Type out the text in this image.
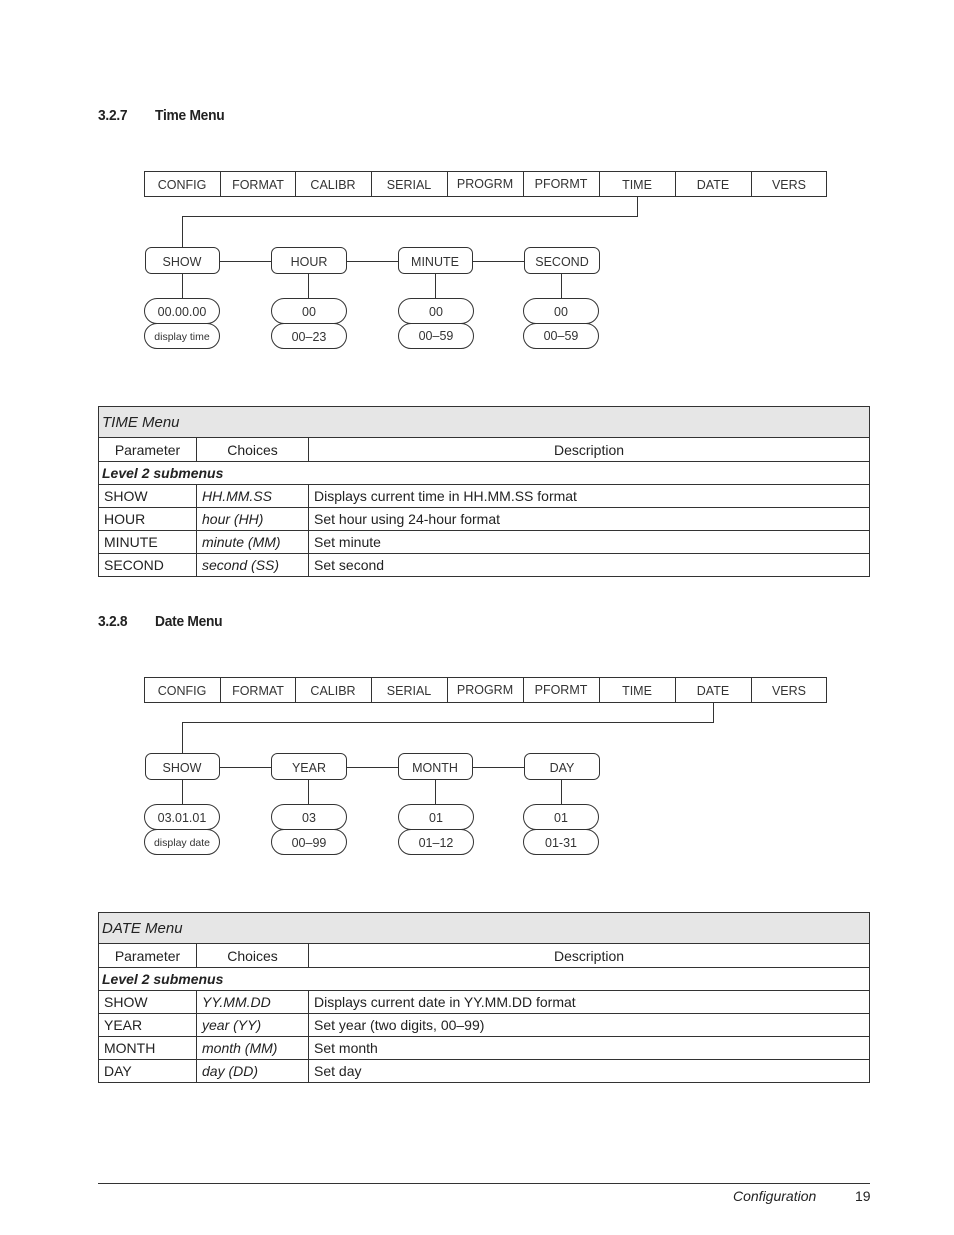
3.2.7 Time Menu
CONFIG FORMAT CALIBR SERIAL PROGRM PFORMT	TIME	DATE	VERS
SHOW	HOUR	MINUTE	SECOND
00.00.00
display time
00
00–23
00
00–59
00
00–59
TIME Menu		
Parameter	Choices	Description
Level 2 submenus		
SHOW	HH.MM.SS	Displays current time in HH.MM.SS format
HOUR	hour (HH)	Set hour using 24-hour format
MINUTE	minute (MM)	Set minute
SECOND	second (SS)	Set second
3.2.8 Date Menu
CONFIG FORMAT CALIBR SERIAL PROGRM PFORMT	TIME	DATE	VERS
SHOW	YEAR	MONTH	DAY
03.01.01
display date
03
00–99
01
01–12
01
01-31
DATE Menu		
Parameter	Choices	Description
Level 2 submenus		
SHOW	YY.MM.DD	Displays current date in YY.MM.DD format
YEAR	year (YY)	Set year (two digits, 00–99)
MONTH	month (MM)	Set month
DAY	day (DD)	Set day
Configuration	19
